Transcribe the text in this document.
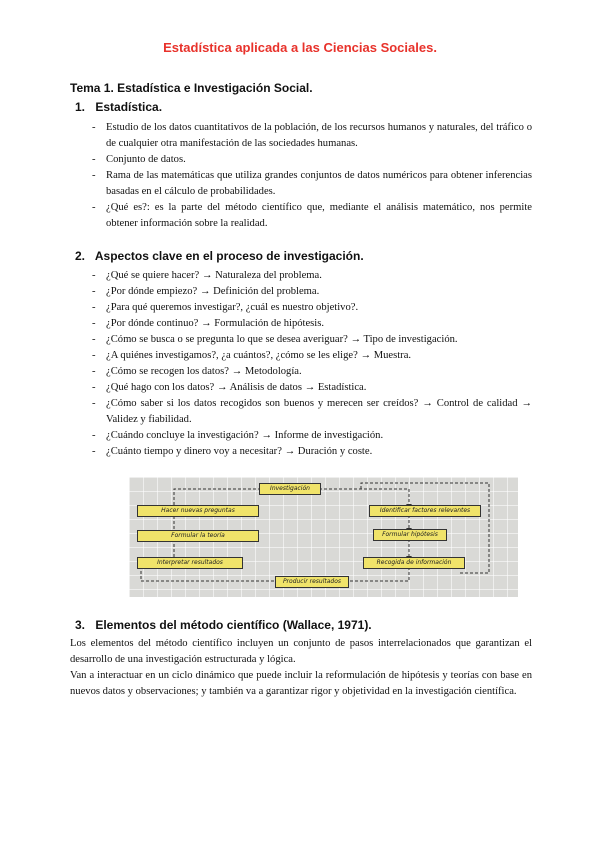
Estadística aplicada a las Ciencias Sociales.
Tema 1. Estadística e Investigación Social.
1. Estadística.
- Estudio de los datos cuantitativos de la población, de los recursos humanos y naturales, del tráfico o de cualquier otra manifestación de las sociedades humanas.
- Conjunto de datos.
- Rama de las matemáticas que utiliza grandes conjuntos de datos numéricos para obtener inferencias basadas en el cálculo de probabilidades.
- ¿Qué es?: es la parte del método científico que, mediante el análisis matemático, nos permite obtener información sobre la realidad.
2. Aspectos clave en el proceso de investigación.
- ¿Qué se quiere hacer? → Naturaleza del problema.
- ¿Por dónde empiezo? → Definición del problema.
- ¿Para qué queremos investigar?, ¿cuál es nuestro objetivo?.
- ¿Por dónde continuo? → Formulación de hipótesis.
- ¿Cómo se busca o se pregunta lo que se desea averiguar? → Tipo de investigación.
- ¿A quiénes investigamos?, ¿a cuántos?, ¿cómo se les elige? → Muestra.
- ¿Cómo se recogen los datos? → Metodología.
- ¿Qué hago con los datos? → Análisis de datos → Estadística.
- ¿Cómo saber si los datos recogidos son buenos y merecen ser creídos? → Control de calidad → Validez y fiabilidad.
- ¿Cuándo concluye la investigación? → Informe de investigación.
- ¿Cuánto tiempo y dinero voy a necesitar? → Duración y coste.
Investigación
Hacer nuevas preguntas	Identificar factores relevantes
Formular la teoría	Formular hipótesis
Interpretar resultados	Recogida de información
Producir resultados
3. Elementos del método científico (Wallace, 1971).

Los elementos del método científico incluyen un conjunto de pasos interrelacionados que garantizan el desarrollo de una investigación estructurada y lógica.

Van a interactuar en un ciclo dinámico que puede incluir la reformulación de hipótesis y teorías con base en nuevos datos y observaciones; y también va a garantizar rigor y objetividad en la investigación científica.
